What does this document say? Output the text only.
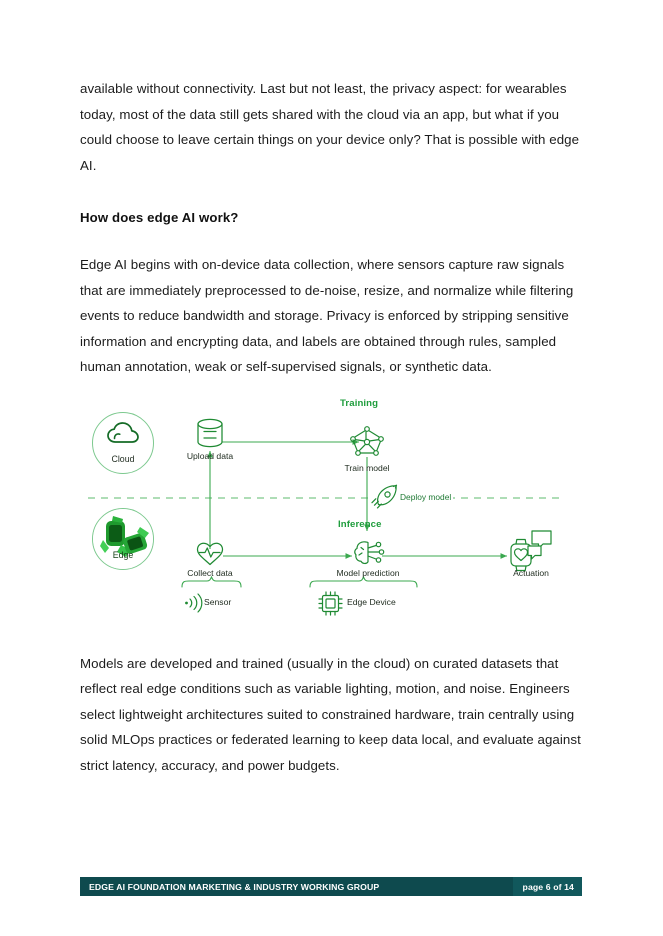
available without connectivity. Last but not least, the privacy aspect: for wearables today, most of the data still gets shared with the cloud via an app, but what if you could choose to leave certain things on your device only? That is possible with edge AI.

How does edge AI work?

Edge AI begins with on-device data collection, where sensors capture raw signals that are immediately preprocessed to de-noise, resize, and normalize while filtering events to reduce bandwidth and storage. Privacy is enforced by stripping sensitive information and encrypting data, and labels are obtained through rules, sampled human annotation, weak or self-supervised signals, or synthetic data.

Cloud
Edge
Training
Inference
Upload data
Train model
Collect data	Model prediction	Actuation
Deploy model
Sensor	Edge Device

Models are developed and trained (usually in the cloud) on curated datasets that reflect real edge conditions such as variable lighting, motion, and noise. Engineers select lightweight architectures suited to constrained hardware, train centrally using solid MLOps practices or federated learning to keep data local, and evaluate against strict latency, accuracy, and power budgets.

EDGE AI FOUNDATION MARKETING & INDUSTRY WORKING GROUP	page 6 of 14
